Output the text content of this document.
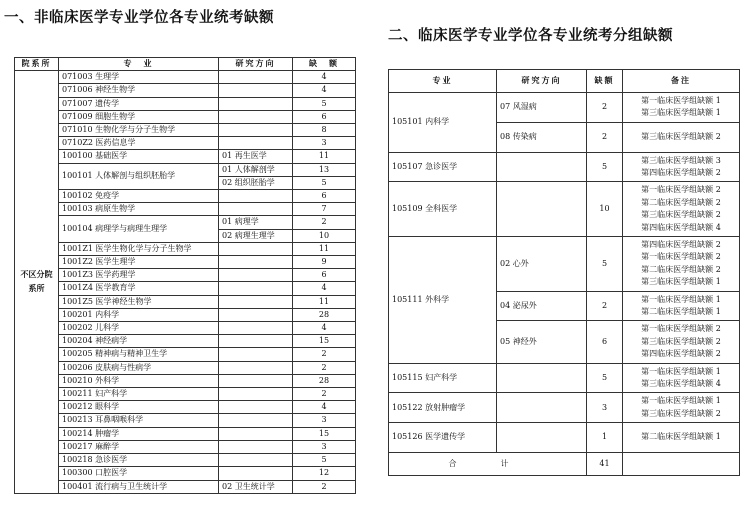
一、非临床医学专业学位各专业统考缺额
二、临床医学专业学位各专业统考分组缺额
院系所	专　业	研究方向	缺　额

不区分院
系所	071003 生理学		4
	071006 神经生物学		4
	071007 遗传学		5
	071009 细胞生物学		6
	071010 生物化学与分子生物学		8
	0710Z2 医药信息学		3
	100100 基础医学	01 再生医学	11
	100101 人体解剖与组织胚胎学	01 人体解剖学	13
		02 组织胚胎学	5
	100102 免疫学		6
	100103 病原生物学		7
	100104 病理学与病理生理学	01 病理学	2
		02 病理生理学	10
	1001Z1 医学生物化学与分子生物学		11
	1001Z2 医学生理学		9
	1001Z3 医学药理学		6
	1001Z4 医学教育学		4
	1001Z5 医学神经生物学		11
	100201 内科学		28
	100202 儿科学		4
	100204 神经病学		15
	100205 精神病与精神卫生学		2
	100206 皮肤病与性病学		2
	100210 外科学		28
	100211 妇产科学		2
	100212 眼科学		4
	100213 耳鼻咽喉科学		3
	100214 肿瘤学		15
	100217 麻醉学		3
	100218 急诊医学		5
	100300 口腔医学		12
	100401 流行病与卫生统计学	02 卫生统计学	2
专业	研究方向	缺额	备注
105101 内科学	07 风湿病	2	第一临床医学组缺额 1
第三临床医学组缺额 1

	08 传染病	2	第三临床医学组缺额 2

105107 急诊医学		5	第三临床医学组缺额 3
第四临床医学组缺额 2

105109 全科医学		10	第一临床医学组缺额 2
第二临床医学组缺额 2
第三临床医学组缺额 2
第四临床医学组缺额 4

105111 外科学	02 心外	5	第四临床医学组缺额 2
第一临床医学组缺额 2
第二临床医学组缺额 2
第三临床医学组缺额 1

	04 泌尿外	2	第一临床医学组缺额 1
第二临床医学组缺额 1

	05 神经外	6	第一临床医学组缺额 2
第三临床医学组缺额 2
第四临床医学组缺额 2

105115 妇产科学		5	第一临床医学组缺额 1
第三临床医学组缺额 4

105122 放射肿瘤学		3	第一临床医学组缺额 1
第三临床医学组缺额 2

105126 医学遗传学		1	第二临床医学组缺额 1

合　计		41	
